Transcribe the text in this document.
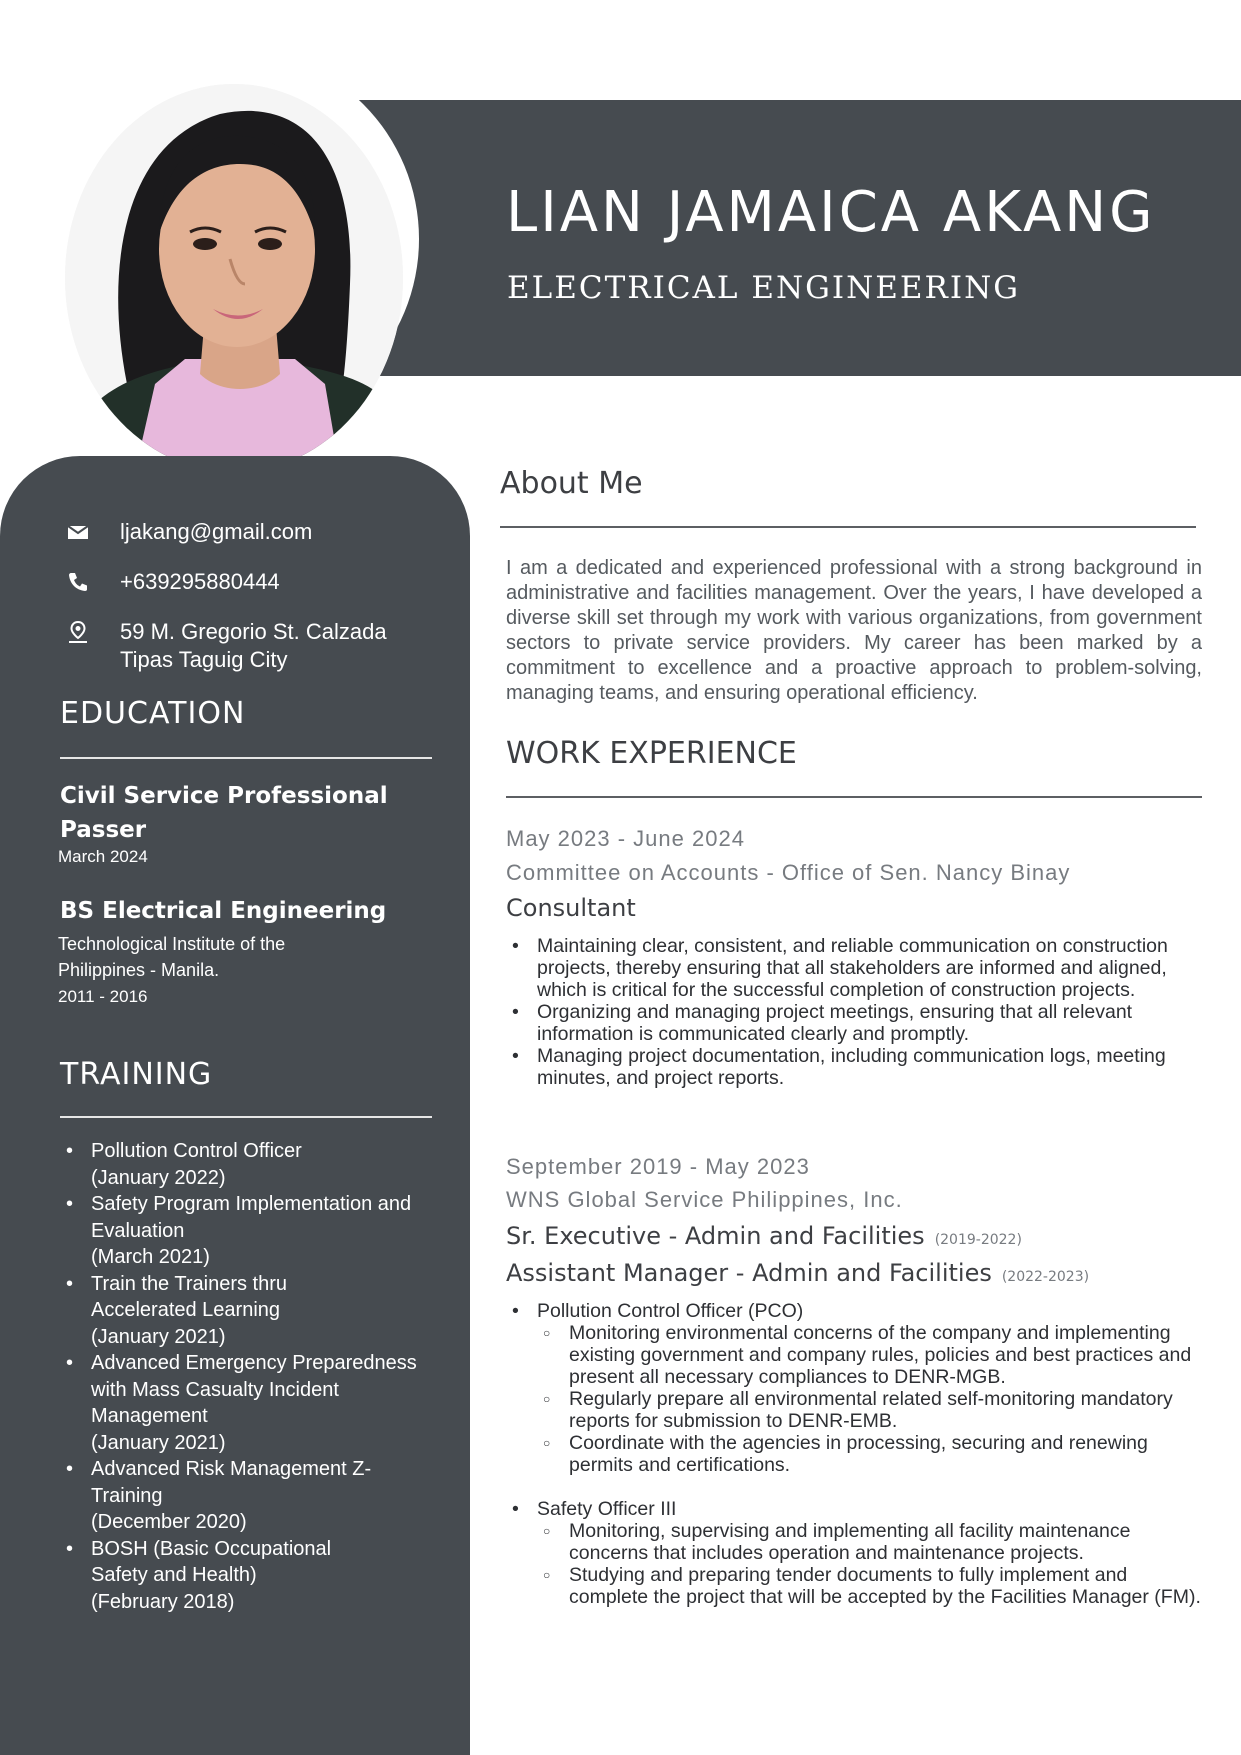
LIAN JAMAICA AKANG
ELECTRICAL ENGINEERING
ljakang@gmail.com
+639295880444
59 M. Gregorio St. Calzada
Tipas Taguig City
EDUCATION
Civil Service Professional Passer
March 2024
BS Electrical Engineering
Technological Institute of the Philippines - Manila.
2011 - 2016
TRAINING
• Pollution Control Officer
(January 2022)
• Safety Program Implementation and Evaluation
(March 2021)
• Train the Trainers thru Accelerated Learning
(January 2021)
• Advanced Emergency Preparedness with Mass Casualty Incident Management
(January 2021)
• Advanced Risk Management Z-Training
(December 2020)
• BOSH (Basic Occupational Safety and Health)
(February 2018)
About Me

I am a dedicated and experienced professional with a strong background in administrative and facilities management. Over the years, I have developed a diverse skill set through my work with various organizations, from government sectors to private service providers. My career has been marked by a commitment to excellence and a proactive approach to problem-solving, managing teams, and ensuring operational efficiency.

WORK EXPERIENCE
May 2023 - June 2024
Committee on Accounts - Office of Sen. Nancy Binay
Consultant
• Maintaining clear, consistent, and reliable communication on construction projects, thereby ensuring that all stakeholders are informed and aligned, which is critical for the successful completion of construction projects.
• Organizing and managing project meetings, ensuring that all relevant information is communicated clearly and promptly.
• Managing project documentation, including communication logs, meeting minutes, and project reports.
September 2019 - May 2023
WNS Global Service Philippines, Inc.
Sr. Executive - Admin and Facilities (2019-2022)
Assistant Manager - Admin and Facilities (2022-2023)
• Pollution Control Officer (PCO)
○ Monitoring environmental concerns of the company and implementing existing government and company rules, policies and best practices and present all necessary compliances to DENR-MGB.
○ Regularly prepare all environmental related self-monitoring mandatory reports for submission to DENR-EMB.
○ Coordinate with the agencies in processing, securing and renewing permits and certifications.
• Safety Officer III
○ Monitoring, supervising and implementing all facility maintenance concerns that includes operation and maintenance projects.
○ Studying and preparing tender documents to fully implement and complete the project that will be accepted by the Facilities Manager (FM).
